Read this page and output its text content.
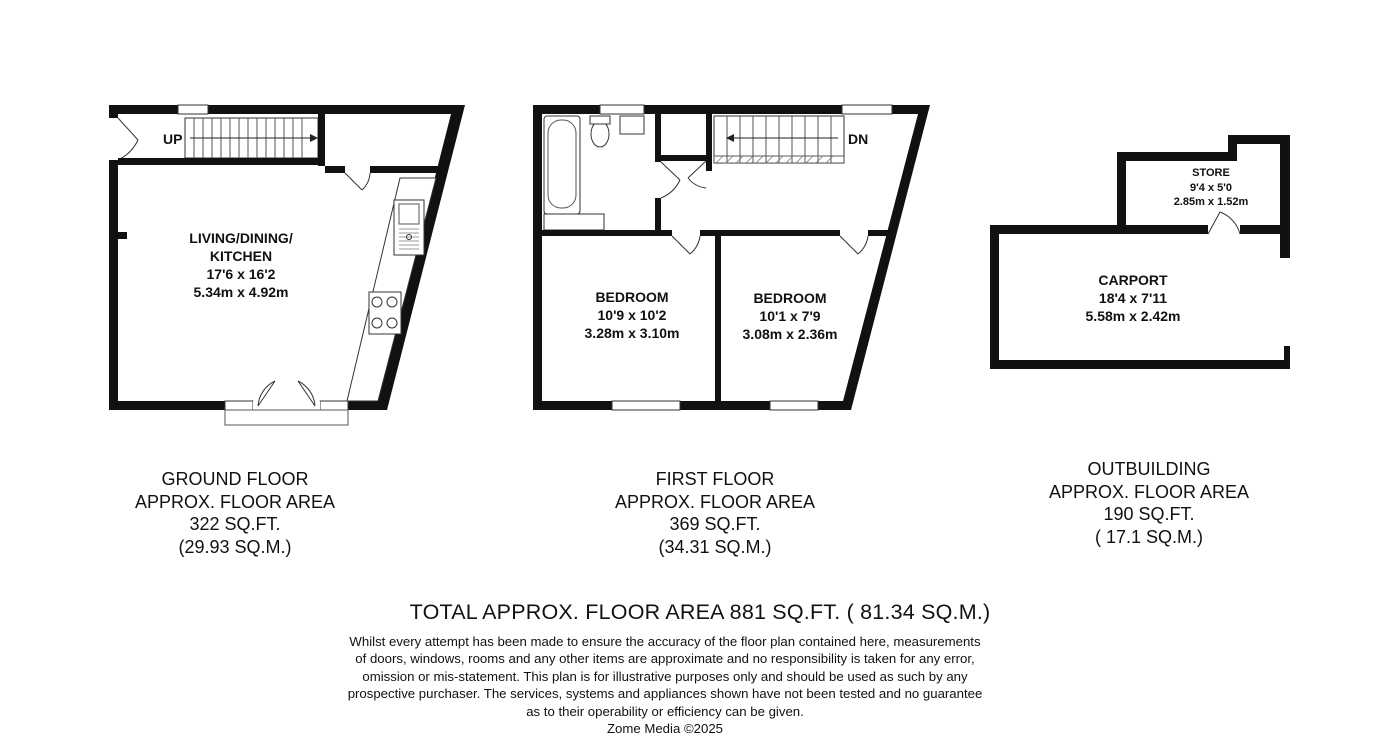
UP
LIVING/DINING/
KITCHEN
17'6 x 16'2
5.34m x 4.92m
DN
BEDROOM
10'9 x 10'2
3.28m x 3.10m
BEDROOM
10'1 x 7'9
3.08m x 2.36m
STORE
9'4 x 5'0
2.85m x 1.52m
CARPORT
18'4 x 7'11
5.58m x 2.42m
GROUND FLOOR
APPROX. FLOOR AREA
322 SQ.FT.
(29.93 SQ.M.)
FIRST FLOOR
APPROX. FLOOR AREA
369 SQ.FT.
(34.31 SQ.M.)
OUTBUILDING
APPROX. FLOOR AREA
190 SQ.FT.
( 17.1 SQ.M.)
TOTAL APPROX. FLOOR AREA 881 SQ.FT. ( 81.34 SQ.M.)
Whilst every attempt has been made to ensure the accuracy of the floor plan contained here, measurements
of doors, windows, rooms and any other items are approximate and no responsibility is taken for any error,
omission or mis-statement. This plan is for illustrative purposes only and should be used as such by any
prospective purchaser. The services, systems and appliances shown have not been tested and no guarantee
as to their operability or efficiency can be given.
Zome Media ©2025
